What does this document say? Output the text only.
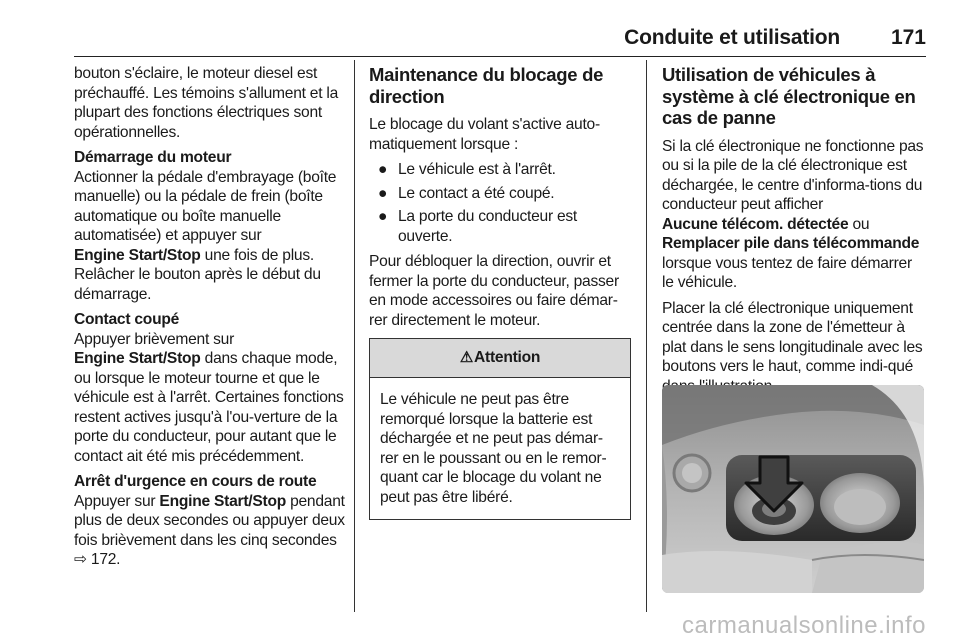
Conduite et utilisation 171

bouton s'éclaire, le moteur diesel est préchauffé. Les témoins s'allument et la plupart des fonctions électriques sont opérationnelles.

Démarrage du moteur

Actionner la pédale d'embrayage (boîte manuelle) ou la pédale de frein (boîte automatique ou boîte manuelle automatisée) et appuyer sur
Engine Start/Stop une fois de plus. Relâcher le bouton après le début du démarrage.

Contact coupé

Appuyer brièvement sur
Engine Start/Stop dans chaque mode, ou lorsque le moteur tourne et que le véhicule est à l'arrêt. Certaines fonctions restent actives jusqu'à l'ou‐verture de la porte du conducteur, pour autant que le contact ait été mis précédemment.

Arrêt d'urgence en cours de route

Appuyer sur Engine Start/Stop pendant plus de deux secondes ou appuyer deux fois brièvement dans les cinq secondes ⇨ 172.

Maintenance du blocage de direction

Le blocage du volant s'active auto‐matiquement lorsque :

● Le véhicule est à l'arrêt.
● Le contact a été coupé.
● La porte du conducteur est ouverte.

Pour débloquer la direction, ouvrir et fermer la porte du conducteur, passer en mode accessoires ou faire démar‐rer directement le moteur.

⚠ Attention
Le véhicule ne peut pas être remorqué lorsque la batterie est déchargée et ne peut pas démar‐rer en le poussant ou en le remor‐quant car le blocage du volant ne peut pas être libéré.
Utilisation de véhicules à système à clé électronique en cas de panne

Si la clé électronique ne fonctionne pas ou si la pile de la clé électronique est déchargée, le centre d'informa‐tions du conducteur peut afficher
Aucune télécom. détectée ou
Remplacer pile dans télécommande
lorsque vous tentez de faire démarrer le véhicule.

Placer la clé électronique uniquement centrée dans la zone de l'émetteur à plat dans le sens longitudinale avec les boutons vers le haut, comme indi‐qué

carmanualsonline.info
